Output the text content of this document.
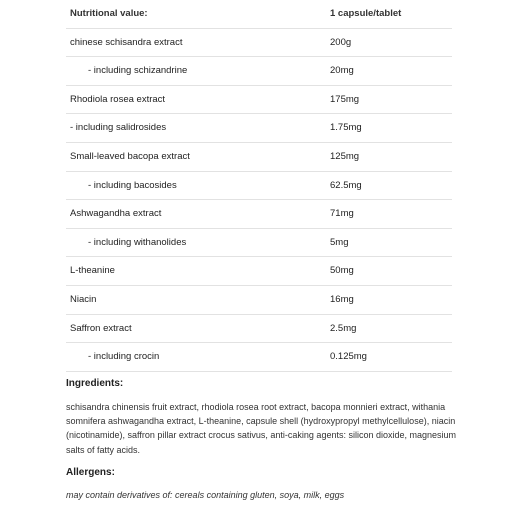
Nutritional value:	1 capsule/tablet
chinese schisandra extract	200g
- including schizandrine	20mg
Rhodiola rosea extract	175mg
- including salidrosides	1.75mg
Small-leaved bacopa extract	125mg
- including bacosides	62.5mg
Ashwagandha extract	71mg
- including withanolides	5mg
L-theanine	50mg
Niacin	16mg
Saffron extract	2.5mg
- including crocin	0.125mg
Ingredients:

schisandra chinensis fruit extract, rhodiola rosea root extract, bacopa monnieri extract, withania somnifera ashwagandha extract, L-theanine, capsule shell (hydroxypropyl methylcellulose), niacin (nicotinamide), saffron pillar extract crocus sativus, anti-caking agents: silicon dioxide, magnesium salts of fatty acids.

Allergens:

may contain derivatives of: cereals containing gluten, soya, milk, eggs
